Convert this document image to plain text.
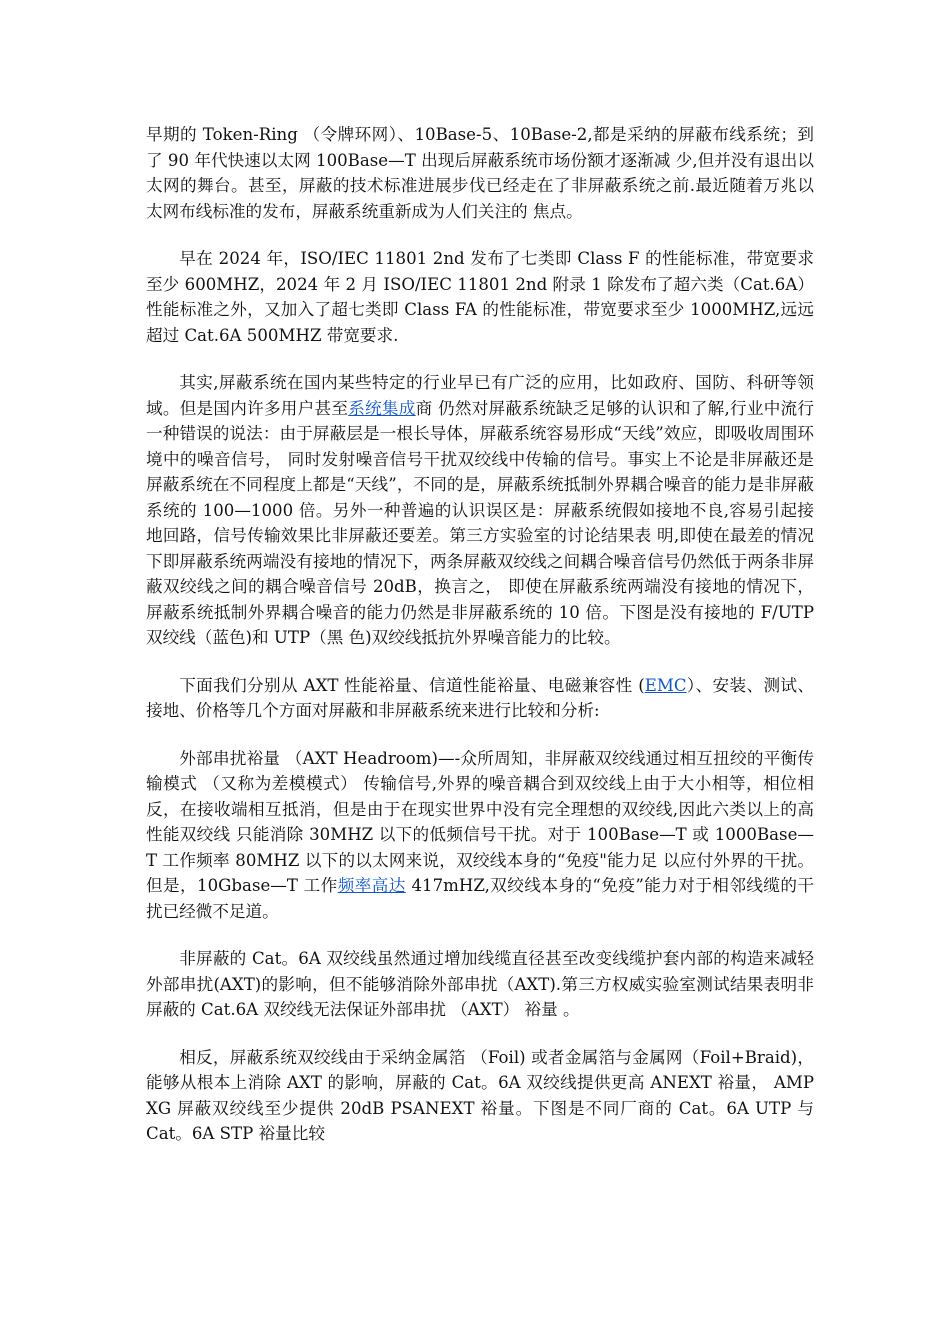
早期的 Token-Ring （令牌环网）、10Base-5、10Base-2,都是采纳的屏蔽布线系统；到了 90 年代快速以太网 100Base—T 出现后屏蔽系统市场份额才逐渐减 少,但并没有退出以太网的舞台。甚至，屏蔽的技术标准进展步伐已经走在了非屏蔽系统之前.最近随着万兆以太网布线标准的发布，屏蔽系统重新成为人们关注的 焦点。

早在 2024 年，ISO/IEC 11801 2nd 发布了七类即 Class F 的性能标准，带宽要求至少 600MHZ，2024 年 2 月 ISO/IEC 11801 2nd 附录 1 除发布了超六类（Cat.6A） 性能标准之外，又加入了超七类即 Class FA 的性能标准，带宽要求至少 1000MHZ,远远超过 Cat.6A 500MHZ 带宽要求.

其实,屏蔽系统在国内某些特定的行业早已有广泛的应用，比如政府、国防、科研等领域。但是国内许多用户甚至系统集成商 仍然对屏蔽系统缺乏足够的认识和了解,行业中流行一种错误的说法：由于屏蔽层是一根长导体，屏蔽系统容易形成“天线”效应，即吸收周围环境中的噪音信号， 同时发射噪音信号干扰双绞线中传输的信号。事实上不论是非屏蔽还是屏蔽系统在不同程度上都是“天线”，不同的是，屏蔽系统抵制外界耦合噪音的能力是非屏蔽 系统的 100—1000 倍。另外一种普遍的认识误区是：屏蔽系统假如接地不良,容易引起接地回路，信号传输效果比非屏蔽还要差。第三方实验室的讨论结果表 明,即使在最差的情况下即屏蔽系统两端没有接地的情况下，两条屏蔽双绞线之间耦合噪音信号仍然低于两条非屏蔽双绞线之间的耦合噪音信号 20dB，换言之， 即使在屏蔽系统两端没有接地的情况下，屏蔽系统抵制外界耦合噪音的能力仍然是非屏蔽系统的 10 倍。下图是没有接地的 F/UTP 双绞线（蓝色)和 UTP（黑 色)双绞线抵抗外界噪音能力的比较。

下面我们分别从 AXT 性能裕量、信道性能裕量、电磁兼容性 (EMC）、安装、测试、接地、价格等几个方面对屏蔽和非屏蔽系统来进行比较和分析:

外部串扰裕量 （AXT Headroom)—-众所周知，非屏蔽双绞线通过相互扭绞的平衡传输模式 （又称为差模模式） 传输信号,外界的噪音耦合到双绞线上由于大小相等，相位相反，在接收端相互抵消，但是由于在现实世界中没有完全理想的双绞线,因此六类以上的高性能双绞线 只能消除 30MHZ 以下的低频信号干扰。对于 100Base—T 或 1000Base—T 工作频率 80MHZ 以下的以太网来说，双绞线本身的“免疫"能力足 以应付外界的干扰。但是，10Gbase—T 工作频率高达 417mHZ,双绞线本身的“免疫”能力对于相邻线缆的干扰已经微不足道。

非屏蔽的 Cat。6A 双绞线虽然通过增加线缆直径甚至改变线缆护套内部的构造来减轻外部串扰(AXT)的影响，但不能够消除外部串扰（AXT).第三方权威实验室测试结果表明非屏蔽的 Cat.6A 双绞线无法保证外部串扰 （AXT） 裕量 。

相反，屏蔽系统双绞线由于采纳金属箔 （Foil) 或者金属箔与金属网（Foil+Braid)，能够从根本上消除 AXT 的影响，屏蔽的 Cat。6A 双绞线提供更高 ANEXT 裕量， AMP XG 屏蔽双绞线至少提供 20dB PSANEXT 裕量。下图是不同厂商的 Cat。6A UTP 与 Cat。6A STP 裕量比较
